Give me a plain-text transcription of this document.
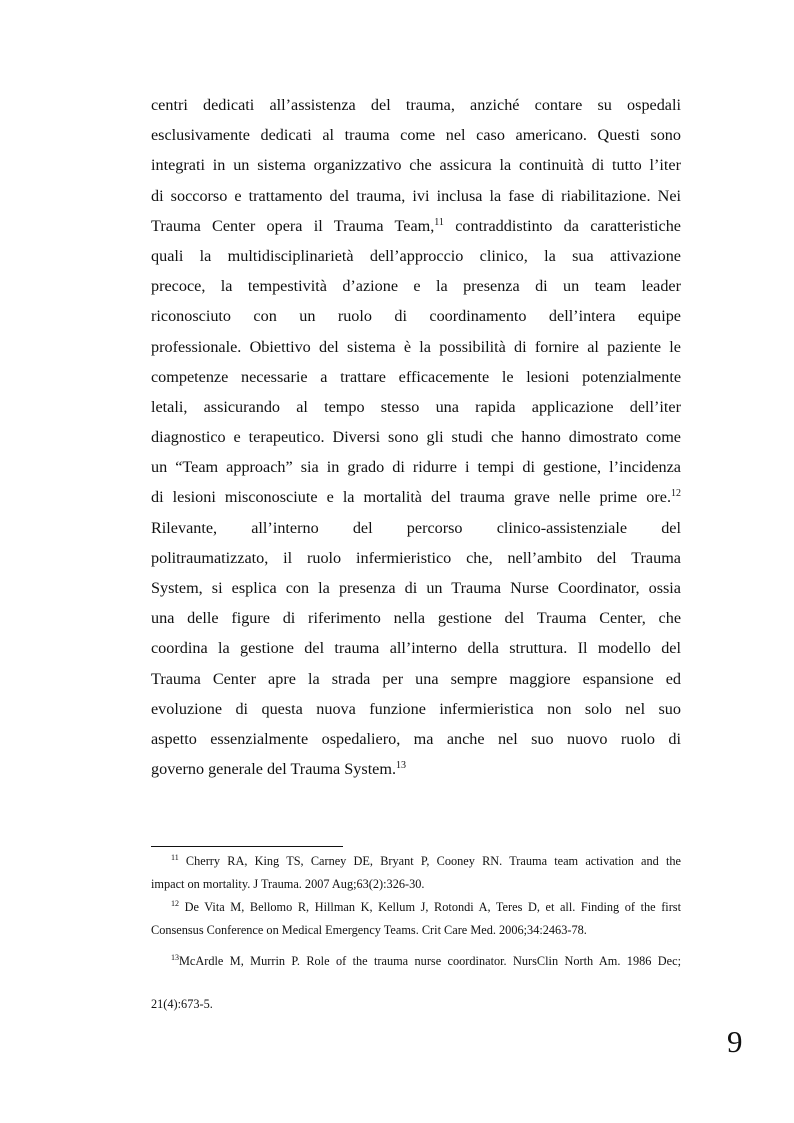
centri dedicati all’assistenza del trauma, anziché contare su ospedali
esclusivamente dedicati al trauma come nel caso americano. Questi sono
integrati in un sistema organizzativo che assicura la continuità di tutto l’iter
di soccorso e trattamento del trauma, ivi inclusa la fase di riabilitazione. Nei
Trauma Center opera il Trauma Team,$^{11}$ contraddistinto da caratteristiche
quali la multidisciplinarietà dell’approccio clinico, la sua attivazione
precoce, la tempestività d’azione e la presenza di un team leader
riconosciuto con un ruolo di coordinamento dell’intera equipe
professionale. Obiettivo del sistema è la possibilità di fornire al paziente le
competenze necessarie a trattare efficacemente le lesioni potenzialmente
letali, assicurando al tempo stesso una rapida applicazione dell’iter
diagnostico e terapeutico. Diversi sono gli studi che hanno dimostrato come
un “Team approach” sia in grado di ridurre i tempi di gestione, l’incidenza
di lesioni misconosciute e la mortalità del trauma grave nelle prime ore.$^{12}$
Rilevante, all’interno del percorso clinico-assistenziale del
politraumatizzato, il ruolo infermieristico che, nell’ambito del Trauma
System, si esplica con la presenza di un Trauma Nurse Coordinator, ossia
una delle figure di riferimento nella gestione del Trauma Center, che
coordina la gestione del trauma all’interno della struttura. Il modello del
Trauma Center apre la strada per una sempre maggiore espansione ed
evoluzione di questa nuova funzione infermieristica non solo nel suo
aspetto essenzialmente ospedaliero, ma anche nel suo nuovo ruolo di
governo generale del Trauma System.$^{13}$
$^{11}$ Cherry RA, King TS, Carney DE, Bryant P, Cooney RN. Trauma team activation and the
impact on mortality. J Trauma. 2007 Aug;63(2):326-30.
$^{12}$ De Vita M, Bellomo R, Hillman K, Kellum J, Rotondi A, Teres D, et all. Finding of the first
Consensus Conference on Medical Emergency Teams. Crit Care Med. 2006;34:2463-78.
$^{13}$McArdle M, Murrin P. Role of the trauma nurse coordinator. NursClin North Am. 1986 Dec;
21(4):673-5.
9
